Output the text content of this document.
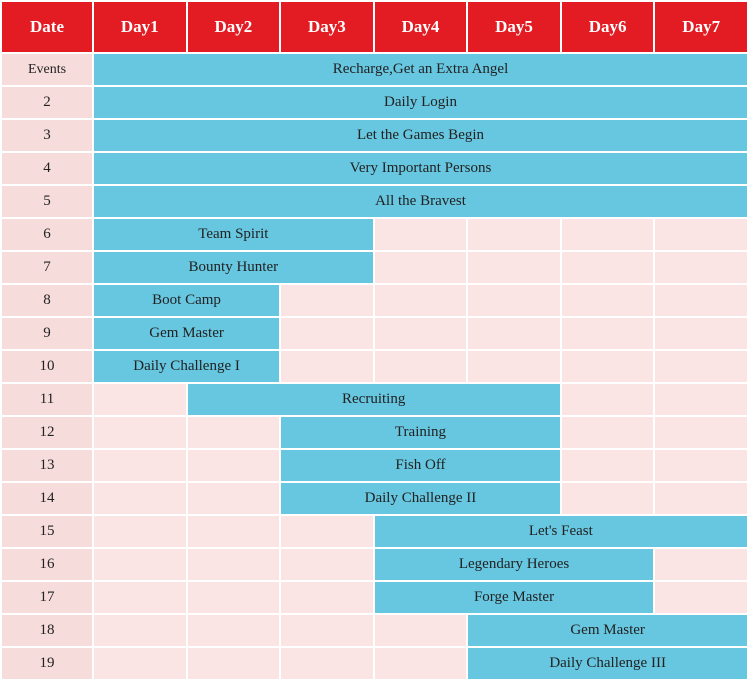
Date	Day1	Day2	Day3	Day4	Day5	Day6	Day7
Events	Recharge,Get an Extra Angel						
2	Daily Login						
3	Let the Games Begin						
4	Very Important Persons						
5	All the Bravest						
6	Team Spirit						
7	Bounty Hunter						
8	Boot Camp						
9	Gem Master						
10	Daily Challenge I						
11		Recruiting					
12			Training				
13			Fish Off				
14			Daily Challenge II				
15				Let's Feast			
16				Legendary Heroes			
17				Forge Master			
18					Gem Master		
19					Daily Challenge III		
